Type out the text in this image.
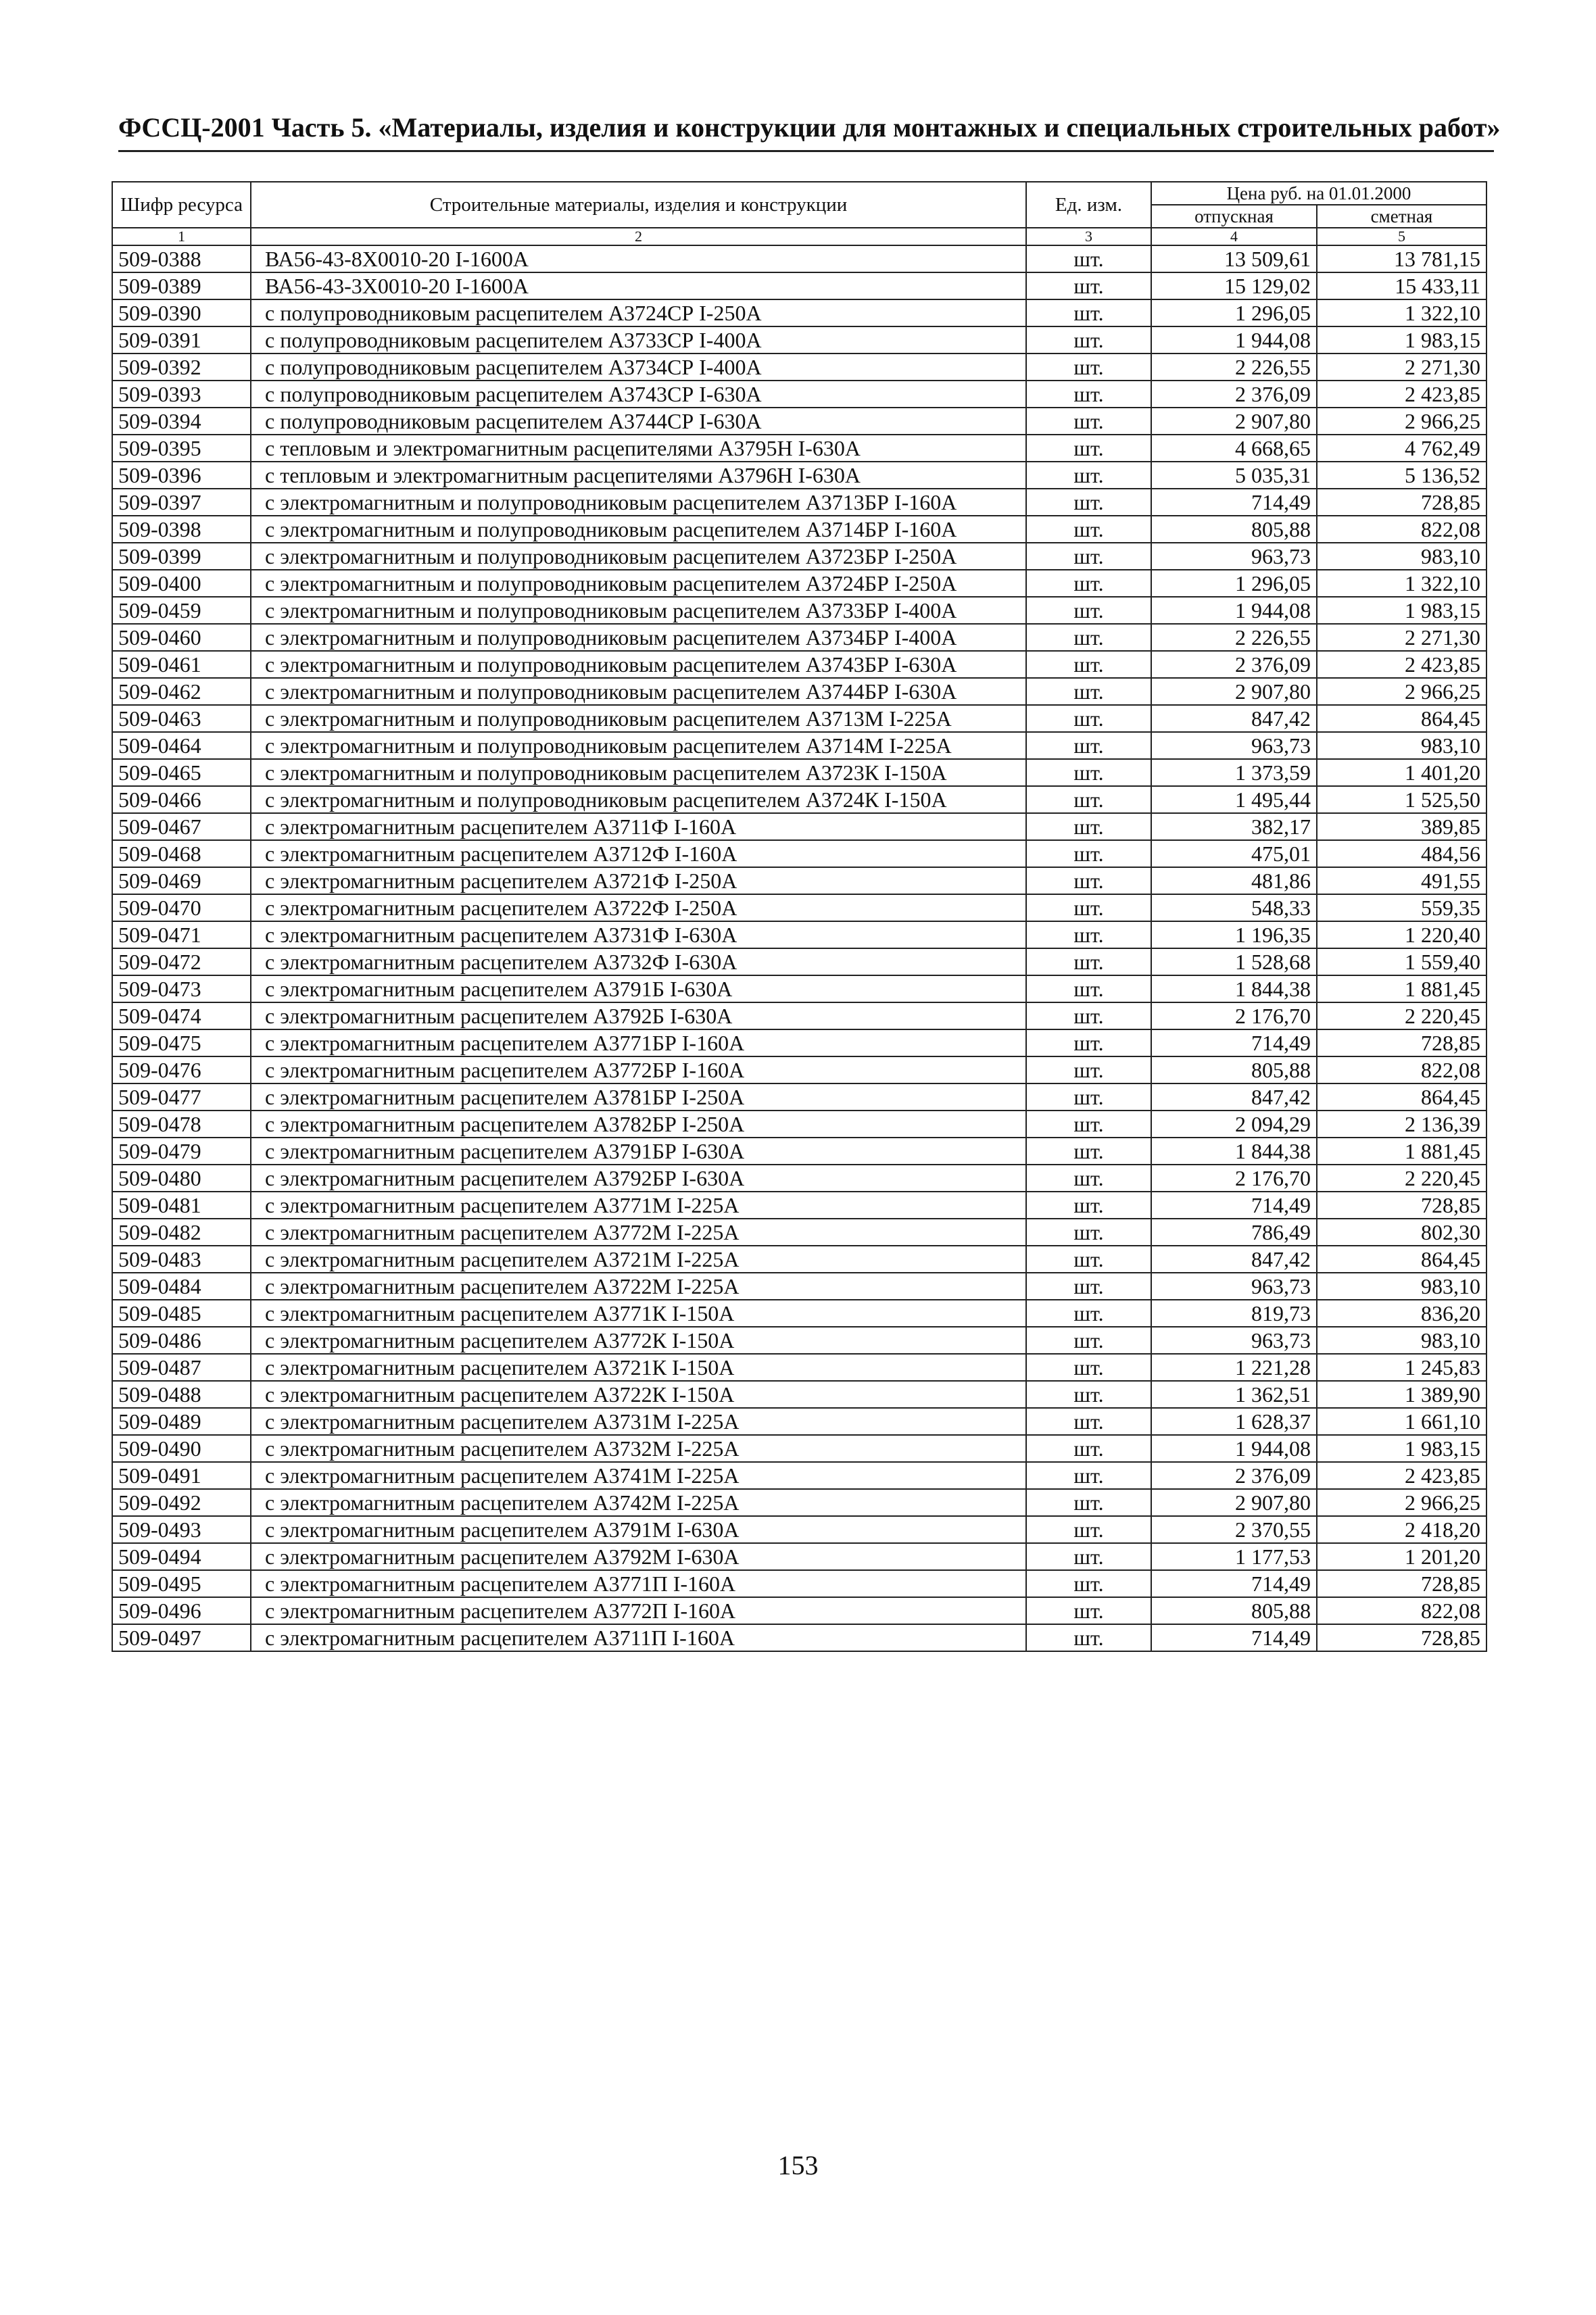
ФССЦ-2001 Часть 5. «Материалы, изделия и конструкции для монтажных и специальных строительных работ»
Шифр ресурса	Строительные материалы, изделия и конструкции	Ед. изм.	Цена руб. на 01.01.2000	
			отпускная	сметная
1	2	3	4	5
509-0388	ВА56-43-8Х0010-20 I-1600А	шт.	13 509,61	13 781,15
509-0389	ВА56-43-3Х0010-20 I-1600А	шт.	15 129,02	15 433,11
509-0390	с полупроводниковым расцепителем А3724СР I-250А	шт.	1 296,05	1 322,10
509-0391	с полупроводниковым расцепителем А3733СР I-400А	шт.	1 944,08	1 983,15
509-0392	с полупроводниковым расцепителем А3734СР I-400А	шт.	2 226,55	2 271,30
509-0393	с полупроводниковым расцепителем А3743СР I-630А	шт.	2 376,09	2 423,85
509-0394	с полупроводниковым расцепителем А3744СР I-630А	шт.	2 907,80	2 966,25
509-0395	с тепловым и электромагнитным расцепителями А3795Н I-630А	шт.	4 668,65	4 762,49
509-0396	с тепловым и электромагнитным расцепителями А3796Н I-630А	шт.	5 035,31	5 136,52
509-0397	с электромагнитным и полупроводниковым расцепителем А3713БР I-160А	шт.	714,49	728,85
509-0398	с электромагнитным и полупроводниковым расцепителем А3714БР I-160А	шт.	805,88	822,08
509-0399	с электромагнитным и полупроводниковым расцепителем А3723БР I-250А	шт.	963,73	983,10
509-0400	с электромагнитным и полупроводниковым расцепителем А3724БР I-250А	шт.	1 296,05	1 322,10
509-0459	с электромагнитным и полупроводниковым расцепителем А3733БР I-400А	шт.	1 944,08	1 983,15
509-0460	с электромагнитным и полупроводниковым расцепителем А3734БР I-400А	шт.	2 226,55	2 271,30
509-0461	с электромагнитным и полупроводниковым расцепителем А3743БР I-630А	шт.	2 376,09	2 423,85
509-0462	с электромагнитным и полупроводниковым расцепителем А3744БР I-630А	шт.	2 907,80	2 966,25
509-0463	с электромагнитным и полупроводниковым расцепителем А3713М I-225А	шт.	847,42	864,45
509-0464	с электромагнитным и полупроводниковым расцепителем А3714М I-225А	шт.	963,73	983,10
509-0465	с электромагнитным и полупроводниковым расцепителем А3723К I-150А	шт.	1 373,59	1 401,20
509-0466	с электромагнитным и полупроводниковым расцепителем А3724К I-150А	шт.	1 495,44	1 525,50
509-0467	с электромагнитным расцепителем А3711Ф I-160А	шт.	382,17	389,85
509-0468	с электромагнитным расцепителем А3712Ф I-160А	шт.	475,01	484,56
509-0469	с электромагнитным расцепителем А3721Ф I-250А	шт.	481,86	491,55
509-0470	с электромагнитным расцепителем А3722Ф I-250А	шт.	548,33	559,35
509-0471	с электромагнитным расцепителем А3731Ф I-630А	шт.	1 196,35	1 220,40
509-0472	с электромагнитным расцепителем А3732Ф I-630А	шт.	1 528,68	1 559,40
509-0473	с электромагнитным расцепителем А3791Б I-630А	шт.	1 844,38	1 881,45
509-0474	с электромагнитным расцепителем А3792Б I-630А	шт.	2 176,70	2 220,45
509-0475	с электромагнитным расцепителем А3771БР I-160А	шт.	714,49	728,85
509-0476	с электромагнитным расцепителем А3772БР I-160А	шт.	805,88	822,08
509-0477	с электромагнитным расцепителем А3781БР I-250А	шт.	847,42	864,45
509-0478	с электромагнитным расцепителем А3782БР I-250А	шт.	2 094,29	2 136,39
509-0479	с электромагнитным расцепителем А3791БР I-630А	шт.	1 844,38	1 881,45
509-0480	с электромагнитным расцепителем А3792БР I-630А	шт.	2 176,70	2 220,45
509-0481	с электромагнитным расцепителем А3771М I-225А	шт.	714,49	728,85
509-0482	с электромагнитным расцепителем А3772М I-225А	шт.	786,49	802,30
509-0483	с электромагнитным расцепителем А3721М I-225А	шт.	847,42	864,45
509-0484	с электромагнитным расцепителем А3722М I-225А	шт.	963,73	983,10
509-0485	с электромагнитным расцепителем А3771К I-150А	шт.	819,73	836,20
509-0486	с электромагнитным расцепителем А3772К I-150А	шт.	963,73	983,10
509-0487	с электромагнитным расцепителем А3721К I-150А	шт.	1 221,28	1 245,83
509-0488	с электромагнитным расцепителем А3722К I-150А	шт.	1 362,51	1 389,90
509-0489	с электромагнитным расцепителем А3731М I-225А	шт.	1 628,37	1 661,10
509-0490	с электромагнитным расцепителем А3732М I-225А	шт.	1 944,08	1 983,15
509-0491	с электромагнитным расцепителем А3741М I-225А	шт.	2 376,09	2 423,85
509-0492	с электромагнитным расцепителем А3742М I-225А	шт.	2 907,80	2 966,25
509-0493	с электромагнитным расцепителем А3791М I-630А	шт.	2 370,55	2 418,20
509-0494	с электромагнитным расцепителем А3792М I-630А	шт.	1 177,53	1 201,20
509-0495	с электромагнитным расцепителем А3771П I-160А	шт.	714,49	728,85
509-0496	с электромагнитным расцепителем А3772П I-160А	шт.	805,88	822,08
509-0497	с электромагнитным расцепителем А3711П I-160А	шт.	714,49	728,85
153
